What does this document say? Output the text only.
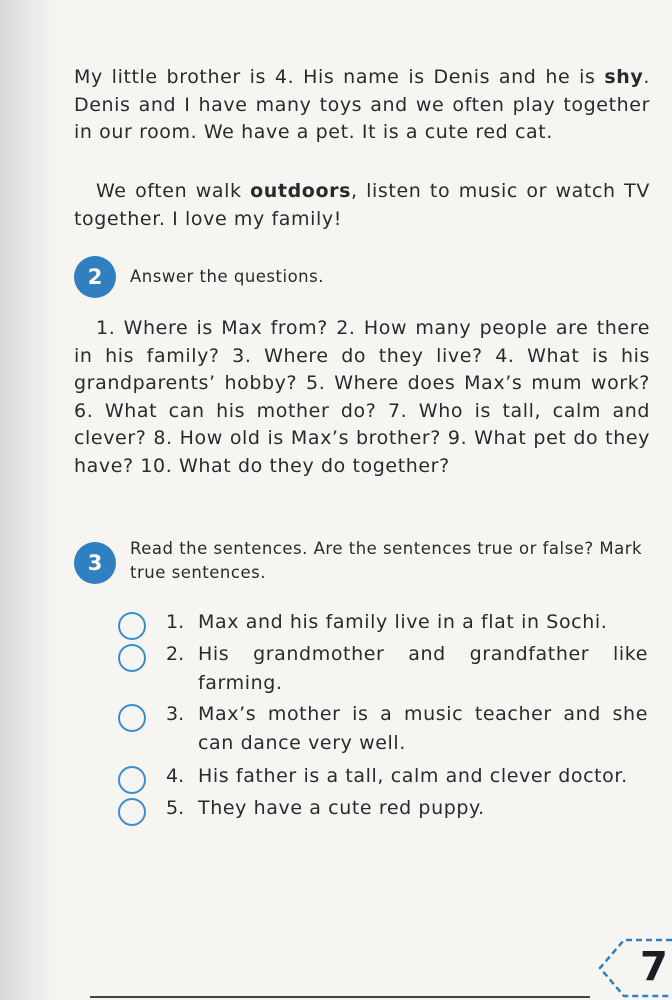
My little brother is 4. His name is Denis and he is shy. Denis and I have many toys and we often play together in our room. We have a pet. It is a cute red cat.

We often walk outdoors, listen to music or watch TV together. I love my family!

2	Answer the questions.

1. Where is Max from? 2. How many people are there in his family? 3. Where do they live? 4. What is his grandparents’ hobby? 5. Where does Max’s mum work? 6. What can his mother do? 7. Who is tall, calm and clever? 8. How old is Max’s brother? 9. What pet do they have? 10. What do they do together?

3

Read the sentences. Are the sentences true or false? Mark true sentences.

1. Max and his family live in a flat in Sochi.
2. His grandmother and grandfather like farming.
3. Max’s mother is a music teacher and she can dance very well.
4. His father is a tall, calm and clever doctor.
5. They have a cute red puppy.
7
